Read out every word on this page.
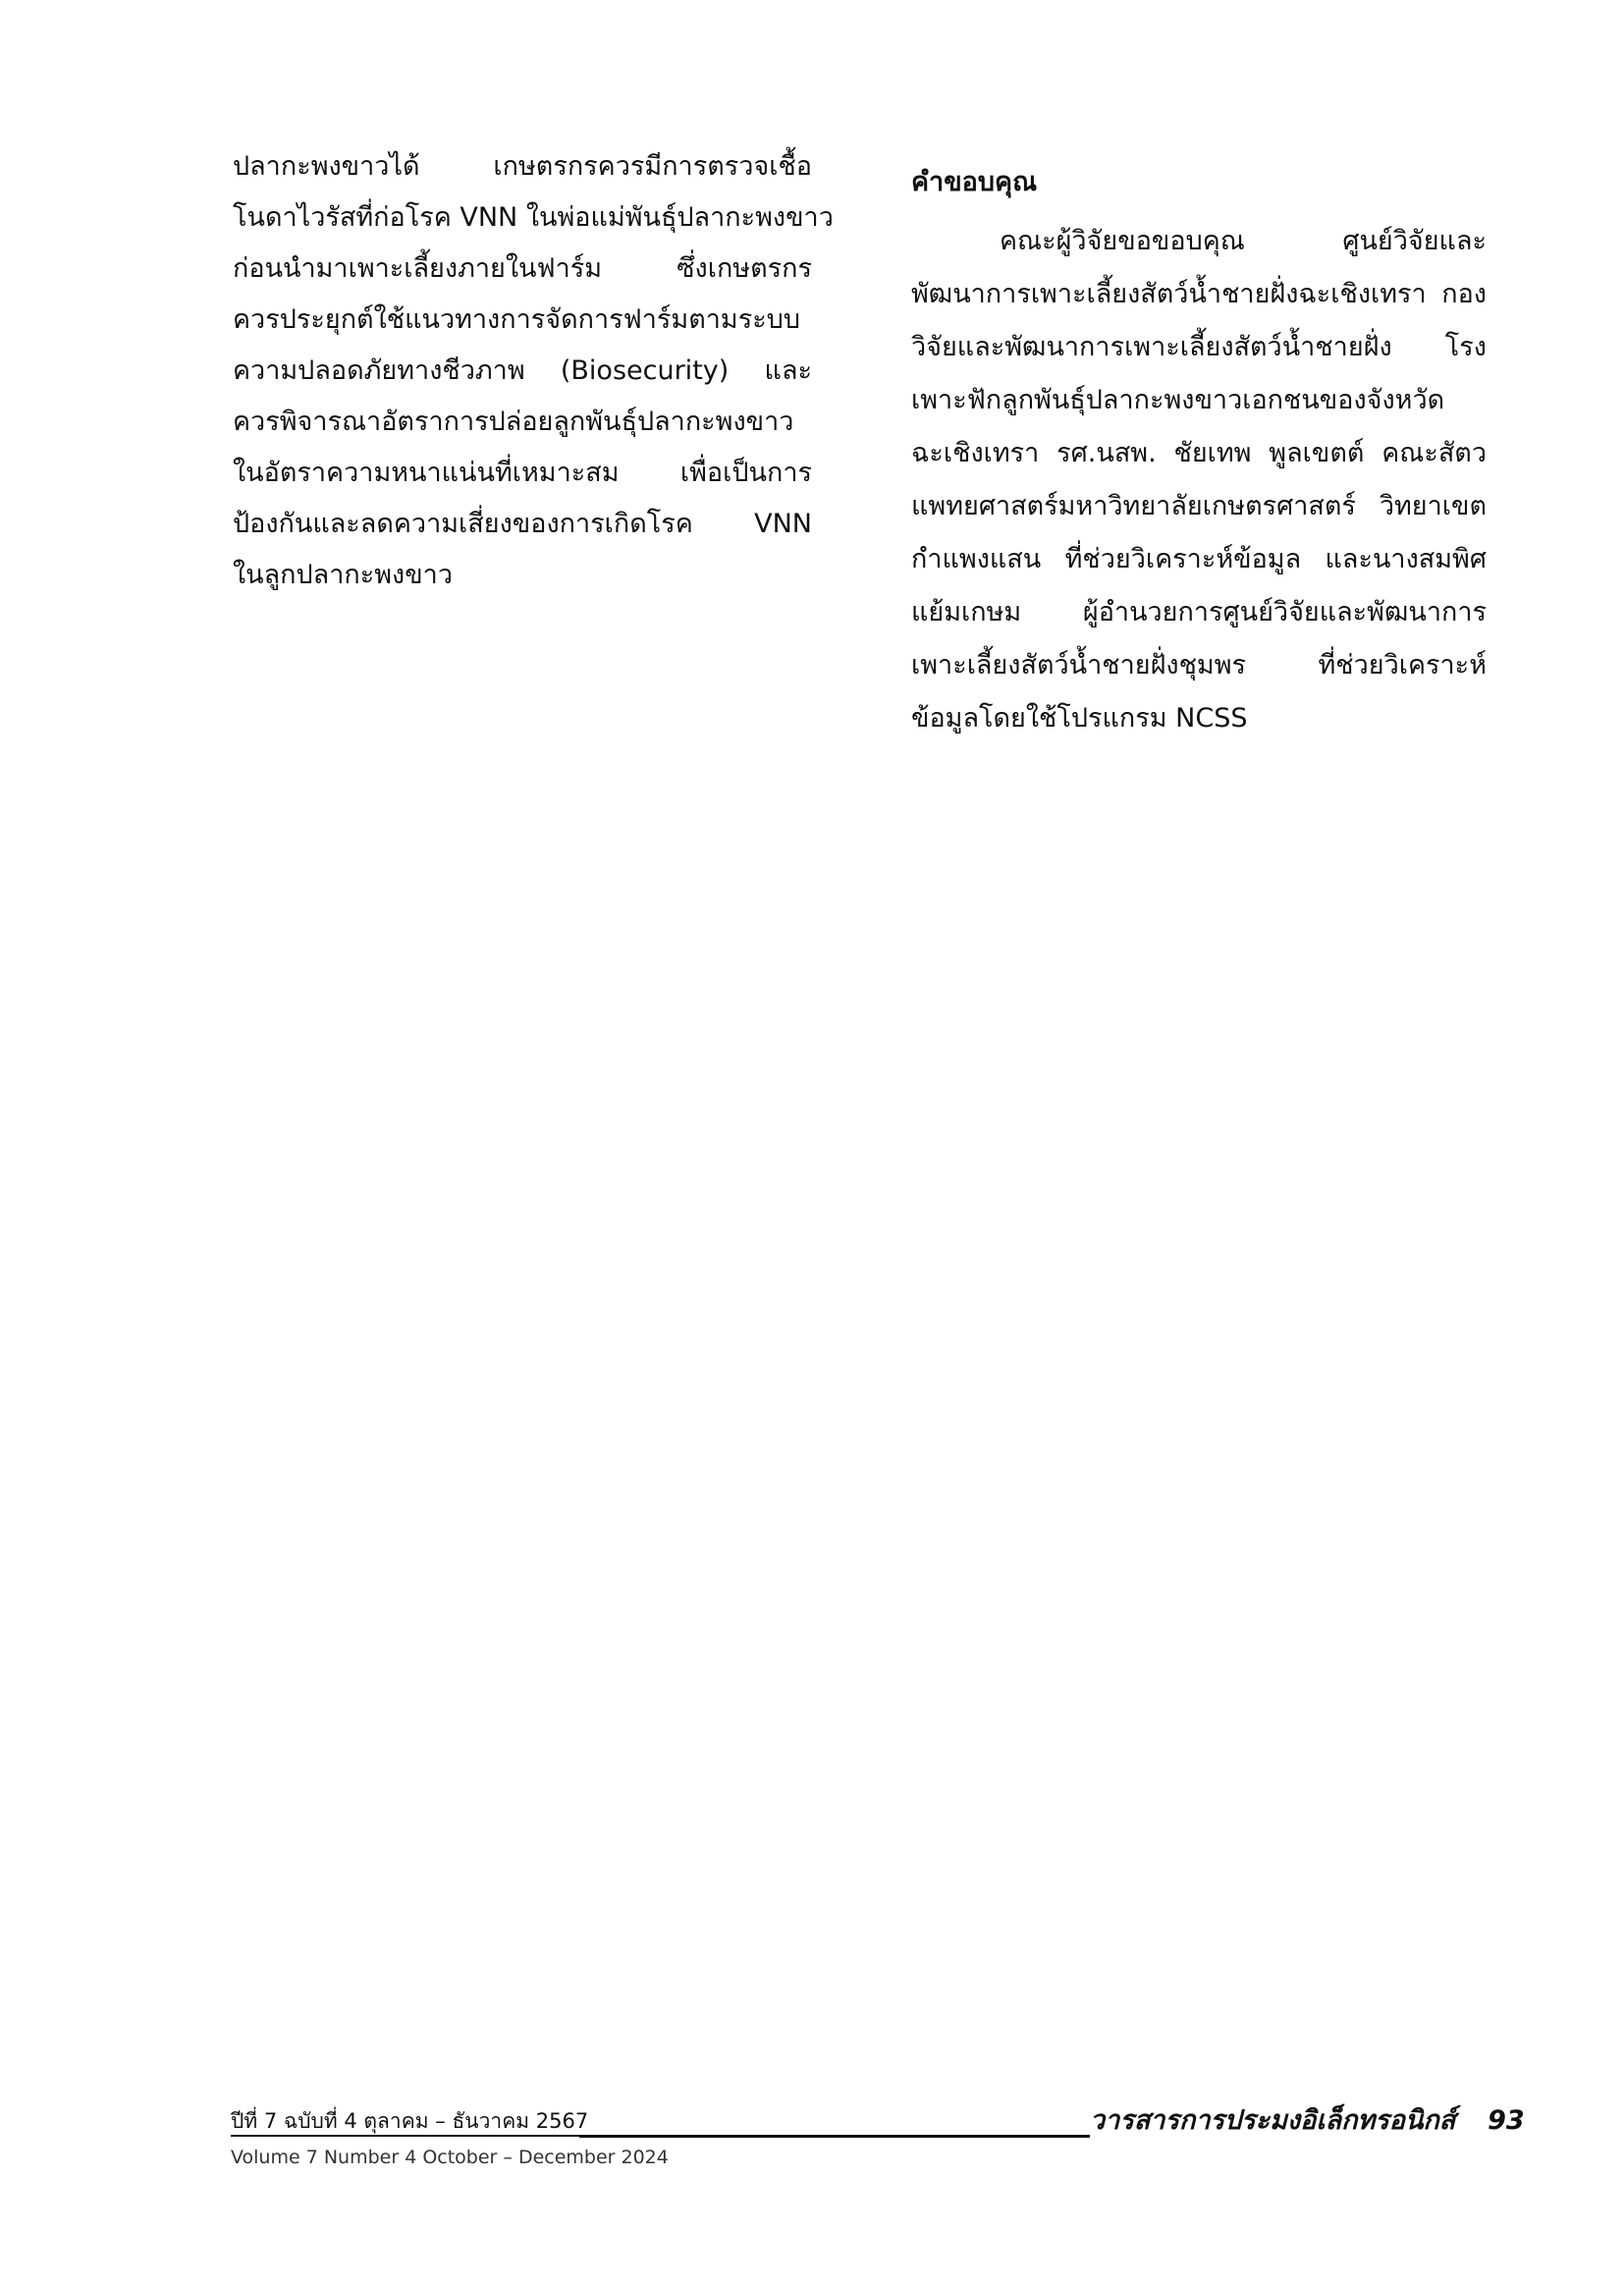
ปลากะพงขาวได้ เกษตรกรควรมีการตรวจเชื้อ
โนดาไวรัสที่ก่อโรค VNN ในพ่อแม่พันธุ์ปลากะพงขาว
ก่อนนำมาเพาะเลี้ยงภายในฟาร์ม ซึ่งเกษตรกร
ควรประยุกต์ใช้แนวทางการจัดการฟาร์มตามระบบ
ความปลอดภัยทางชีวภาพ (Biosecurity) และ
ควรพิจารณาอัตราการปล่อยลูกพันธุ์ปลากะพงขาว
ในอัตราความหนาแน่นที่เหมาะสม เพื่อเป็นการ
ป้องกันและลดความเสี่ยงของการเกิดโรค VNN
ในลูกปลากะพงขาว
คำขอบคุณ
คณะผู้วิจัยขอขอบคุณ ศูนย์วิจัยและ
พัฒนาการเพาะเลี้ยงสัตว์น้ำชายฝั่งฉะเชิงเทรา กอง
วิจัยและพัฒนาการเพาะเลี้ยงสัตว์น้ำชายฝั่ง โรง
เพาะฟักลูกพันธุ์ปลากะพงขาวเอกชนของจังหวัด
ฉะเชิงเทรา รศ.นสพ. ชัยเทพ พูลเขตต์ คณะสัตว
แพทยศาสตร์มหาวิทยาลัยเกษตรศาสตร์ วิทยาเขต
กำแพงแสน ที่ช่วยวิเคราะห์ข้อมูล และนางสมพิศ
แย้มเกษม ผู้อำนวยการศูนย์วิจัยและพัฒนาการ
เพาะเลี้ยงสัตว์น้ำชายฝั่งชุมพร ที่ช่วยวิเคราะห์
ข้อมูลโดยใช้โปรแกรม NCSS
ปีที่ 7 ฉบับที่ 4 ตุลาคม – ธันวาคม 2567	วารสารการประมงอิเล็กทรอนิกส์ 93
Volume 7 Number 4 October – December 2024
